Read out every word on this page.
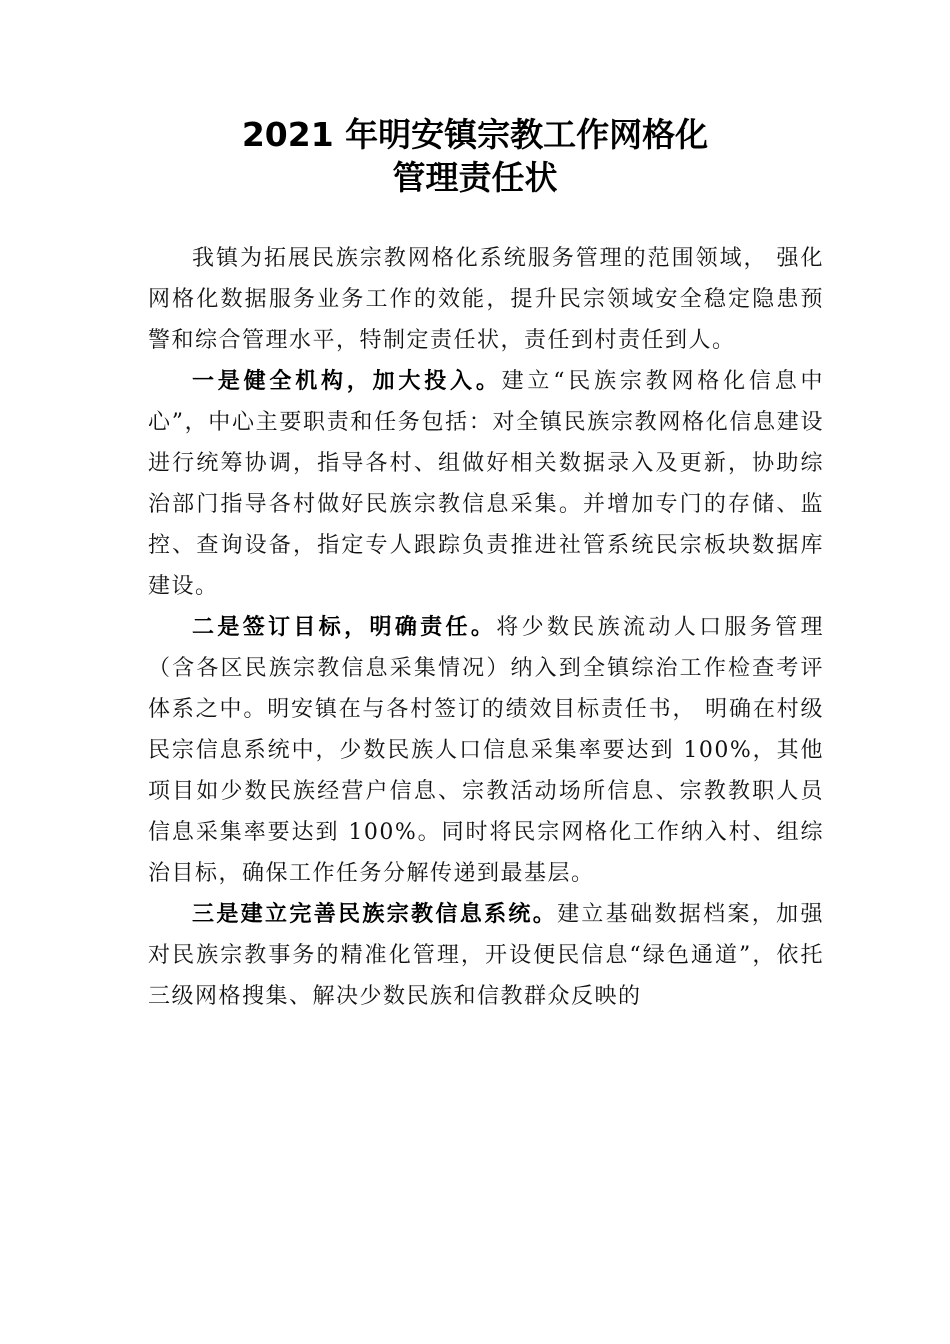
2021 年明安镇宗教工作网格化
管理责任状

我镇为拓展民族宗教网格化系统服务管理的范围领域， 强化网格化数据服务业务工作的效能，提升民宗领域安全稳定隐患预警和综合管理水平，特制定责任状，责任到村责任到人。

一是健全机构，加大投入。建立“民族宗教网格化信息中心”，中心主要职责和任务包括：对全镇民族宗教网格化信息建设进行统筹协调，指导各村、组做好相关数据录入及更新，协助综治部门指导各村做好民族宗教信息采集。并增加专门的存储、监控、查询设备，指定专人跟踪负责推进社管系统民宗板块数据库建设。

二是签订目标，明确责任。将少数民族流动人口服务管理（含各区民族宗教信息采集情况）纳入到全镇综治工作检查考评体系之中。明安镇在与各村签订的绩效目标责任书， 明确在村级民宗信息系统中，少数民族人口信息采集率要达到 100%，其他项目如少数民族经营户信息、宗教活动场所信息、宗教教职人员信息采集率要达到 100%。同时将民宗网格化工作纳入村、组综治目标，确保工作任务分解传递到最基层。

三是建立完善民族宗教信息系统。建立基础数据档案，加强对民族宗教事务的精准化管理，开设便民信息“绿色通道”，依托三级网格搜集、解决少数民族和信教群众反映的
